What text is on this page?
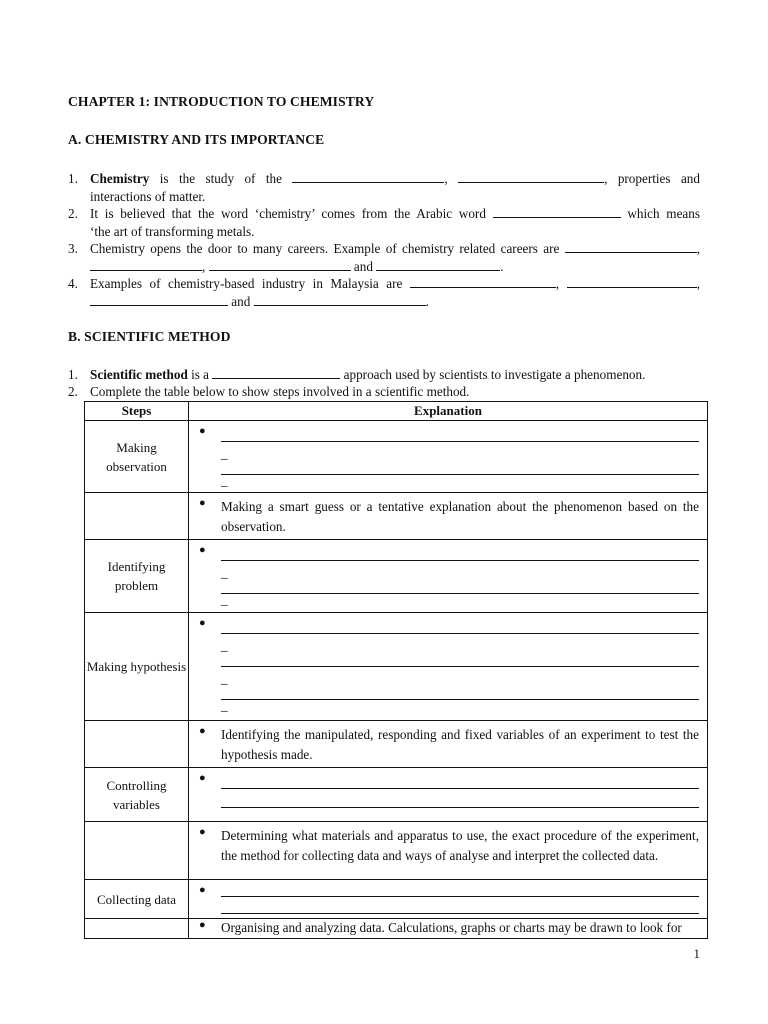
CHAPTER 1: INTRODUCTION TO CHEMISTRY
A. CHEMISTRY AND ITS IMPORTANCE
1. Chemistry is the study of the	,	, properties and
interactions of matter.
2. It is believed that the word ‘chemistry’ comes from the Arabic word	which means
‘the art of transforming metals.
3. Chemistry opens the door to many careers. Example of chemistry related careers are	,
,	and	.
4. Examples of chemistry-based industry in Malaysia are	,	,
and	.
B. SCIENTIFIC METHOD
1. Scientific method is a	approach used by scientists to investigate a phenomenon.
2. Complete the table below to show steps involved in a scientific method.
Steps	Explanation
Making observation	●
_
_

	● Making a smart guess or a tentative explanation about the phenomenon based on the observation.

Identifying problem	●
_
_

Making hypothesis	●
_
_
_

	● Identifying the manipulated, responding and fixed variables of an experiment to test the hypothesis made.

Controlling variables	●

	● Determining what materials and apparatus to use, the exact procedure of the experiment, the method for collecting data and ways of analyse and interpret the collected data.

Collecting data	●

	● Organising and analyzing data. Calculations, graphs or charts may be drawn to look for
1
